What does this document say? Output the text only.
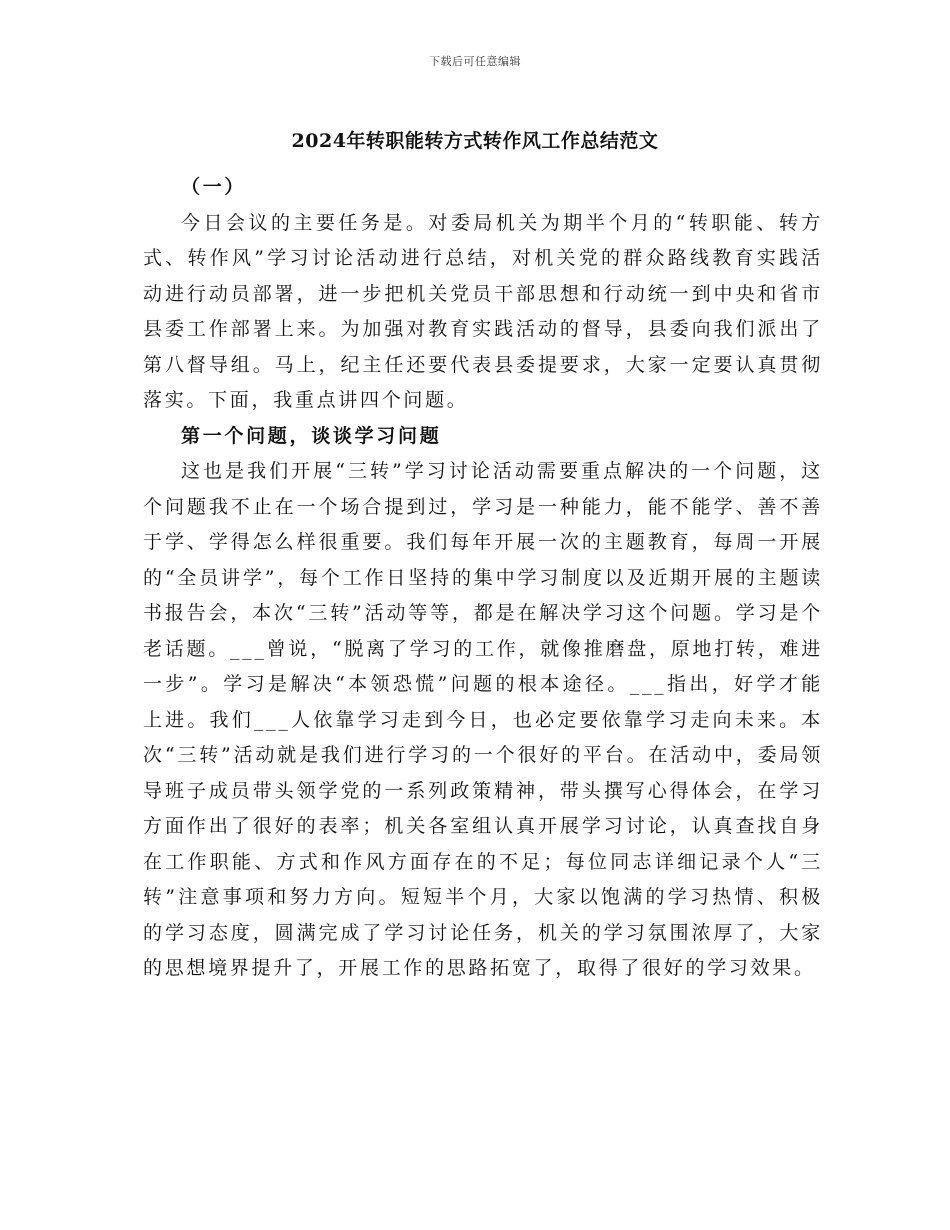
下载后可任意编辑
2024年转职能转方式转作风工作总结范文

（一）

今日会议的主要任务是。对委局机关为期半个月的“转职能、转方式、转作风”学习讨论活动进行总结，对机关党的群众路线教育实践活动进行动员部署，进一步把机关党员干部思想和行动统一到中央和省市县委工作部署上来。为加强对教育实践活动的督导，县委向我们派出了第八督导组。马上，纪主任还要代表县委提要求，大家一定要认真贯彻落实。下面，我重点讲四个问题。

第一个问题，谈谈学习问题

这也是我们开展“三转”学习讨论活动需要重点解决的一个问题，这个问题我不止在一个场合提到过，学习是一种能力，能不能学、善不善于学、学得怎么样很重要。我们每年开展一次的主题教育，每周一开展的“全员讲学”，每个工作日坚持的集中学习制度以及近期开展的主题读书报告会，本次“三转”活动等等，都是在解决学习这个问题。学习是个老话题。___曾说，“脱离了学习的工作，就像推磨盘，原地打转，难进一步”。学习是解决“本领恐慌”问题的根本途径。___指出，好学才能上进。我们___人依靠学习走到今日，也必定要依靠学习走向未来。本次“三转”活动就是我们进行学习的一个很好的平台。在活动中，委局领导班子成员带头领学党的一系列政策精神，带头撰写心得体会，在学习方面作出了很好的表率；机关各室组认真开展学习讨论，认真查找自身在工作职能、方式和作风方面存在的不足；每位同志详细记录个人“三转”注意事项和努力方向。短短半个月，大家以饱满的学习热情、积极的学习态度，圆满完成了学习讨论任务，机关的学习氛围浓厚了，大家的思想境界提升了，开展工作的思路拓宽了，取得了很好的学习效果。
